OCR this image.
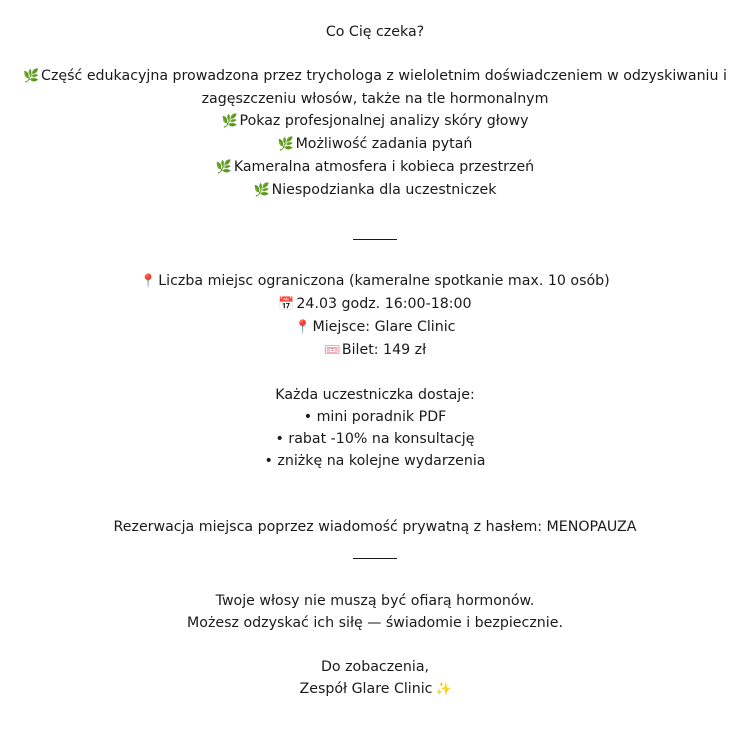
Co Cię czeka?
🌿 Część edukacyjna prowadzona przez trychologa z wieloletnim doświadczeniem w odzyskiwaniu i zagęszczeniu włosów, także na tle hormonalnym
🌿 Pokaz profesjonalnej analizy skóry głowy
🌿 Możliwość zadania pytań
🌿 Kameralna atmosfera i kobieca przestrzeń
🌿 Niespodzianka dla uczestniczek
📍 Liczba miejsc ograniczona (kameralne spotkanie max. 10 osób)
📅 24.03 godz. 16:00-18:00
📍 Miejsce: Glare Clinic
🎟Bilet: 149 zł
Każda uczestniczka dostaje:
• mini poradnik PDF
• rabat -10% na konsultację
• zniżkę na kolejne wydarzenia
Rezerwacja miejsca poprzez wiadomość prywatną z hasłem: MENOPAUZA
Twoje włosy nie muszą być ofiarą hormonów.
Możesz odzyskać ich siłę — świadomie i bezpiecznie.
Do zobaczenia,
Zespół Glare Clinic ✨
